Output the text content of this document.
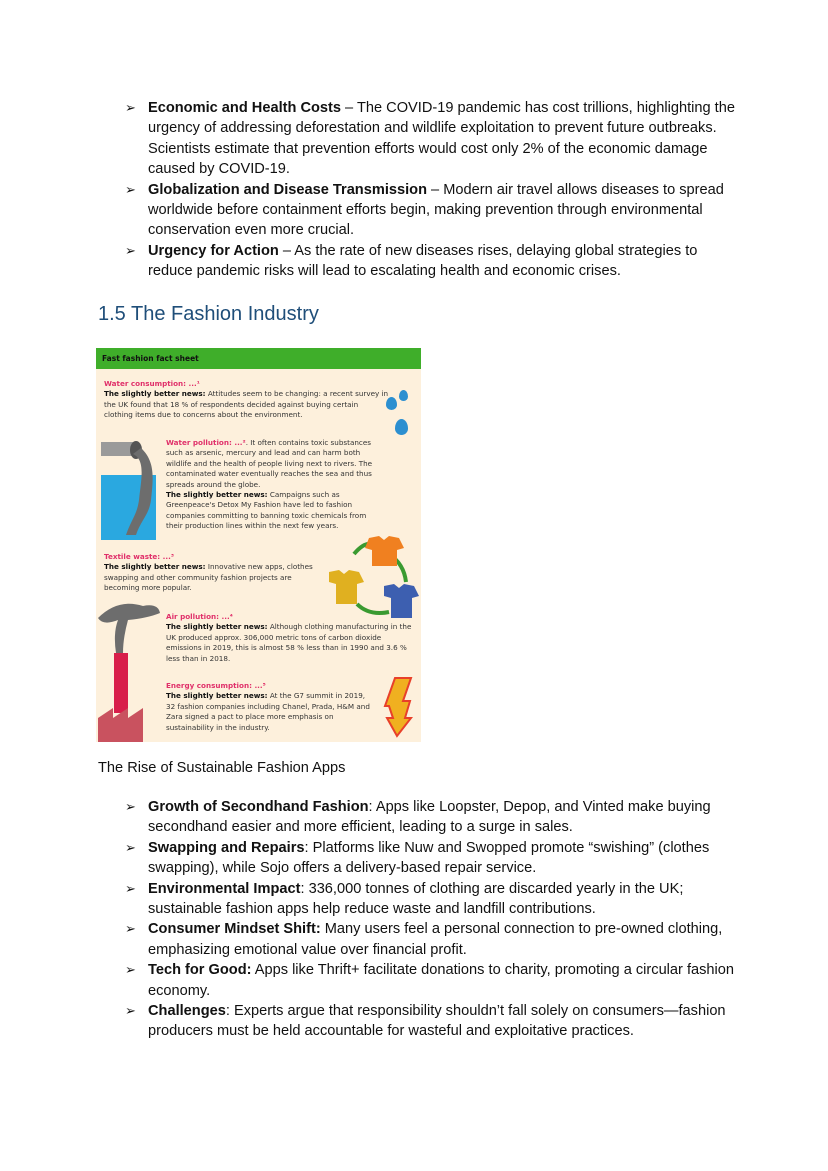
➢ Economic and Health Costs – The COVID-19 pandemic has cost trillions, highlighting the urgency of addressing deforestation and wildlife exploitation to prevent future outbreaks. Scientists estimate that prevention efforts would cost only 2% of the economic damage caused by COVID-19.
➢ Globalization and Disease Transmission – Modern air travel allows diseases to spread worldwide before containment efforts begin, making prevention through environmental conservation even more crucial.
➢ Urgency for Action – As the rate of new diseases rises, delaying global strategies to reduce pandemic risks will lead to escalating health and economic crises.
1.5 The Fashion Industry
Fast fashion fact sheet
Water consumption: ...¹
The slightly better news: Attitudes seem to be changing: a recent survey in the UK found that 18 % of respondents decided against buying certain clothing items due to concerns about the environment.
Water pollution: ...². It often contains toxic substances such as arsenic, mercury and lead and can harm both wildlife and the health of people living next to rivers. The contaminated water eventually reaches the sea and thus spreads around the globe.
The slightly better news: Campaigns such as Greenpeace's Detox My Fashion have led to fashion companies committing to banning toxic chemicals from their production lines within the next few years.
Textile waste: ...³
The slightly better news: Innovative new apps, clothes swapping and other community fashion projects are becoming more popular.
Air pollution: ...⁴
The slightly better news: Although clothing manufacturing in the UK produced approx. 306,000 metric tons of carbon dioxide emissions in 2019, this is almost 58 % less than in 1990 and 3.6 % less than in 2018.
Energy consumption: ...⁵
The slightly better news: At the G7 summit in 2019, 32 fashion companies including Chanel, Prada, H&M and Zara signed a pact to place more emphasis on sustainability in the industry.
The Rise of Sustainable Fashion Apps
➢ Growth of Secondhand Fashion: Apps like Loopster, Depop, and Vinted make buying secondhand easier and more efficient, leading to a surge in sales.
➢ Swapping and Repairs: Platforms like Nuw and Swopped promote “swishing” (clothes swapping), while Sojo offers a delivery-based repair service.
➢ Environmental Impact: 336,000 tonnes of clothing are discarded yearly in the UK; sustainable fashion apps help reduce waste and landfill contributions.
➢ Consumer Mindset Shift: Many users feel a personal connection to pre-owned clothing, emphasizing emotional value over financial profit.
➢ Tech for Good: Apps like Thrift+ facilitate donations to charity, promoting a circular fashion economy.
➢ Challenges: Experts argue that responsibility shouldn’t fall solely on consumers—fashion producers must be held accountable for wasteful and exploitative practices.
